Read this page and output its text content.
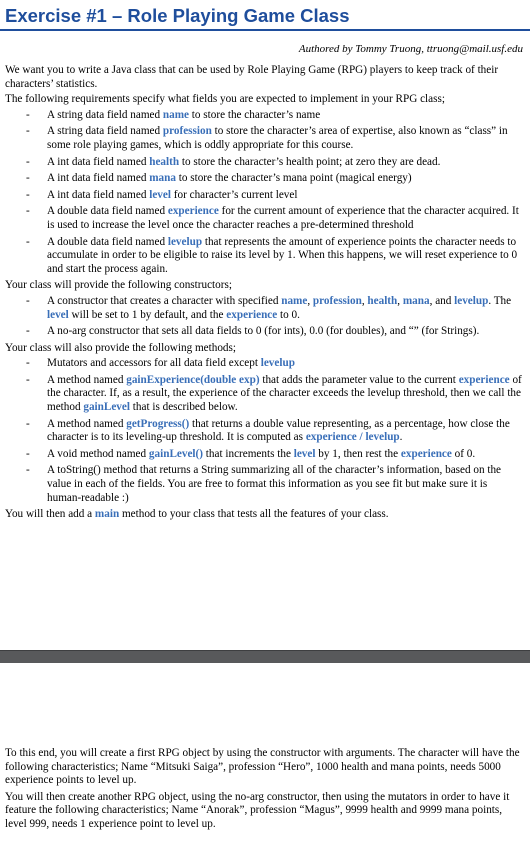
Exercise #1 – Role Playing Game Class
Authored by Tommy Truong, ttruong@mail.usf.edu

We want you to write a Java class that can be used by Role Playing Game (RPG) players to keep track of their characters’ statistics.

The following requirements specify what fields you are expected to implement in your RPG class;

- A string data field named name to store the character’s name
- A string data field named profession to store the character’s area of expertise, also known as “class” in some role playing games, which is oddly appropriate for this course.
- A int data field named health to store the character’s health point; at zero they are dead.
- A int data field named mana to store the character’s mana point (magical energy)
- A int data field named level for character’s current level
- A double data field named experience for the current amount of experience that the character acquired. It is used to increase the level once the character reaches a pre-determined threshold
- A double data field named levelup that represents the amount of experience points the character needs to accumulate in order to be eligible to raise its level by 1. When this happens, we will reset experience to 0 and start the process again.

Your class will provide the following constructors;

- A constructor that creates a character with specified name, profession, health, mana, and levelup. The level will be set to 1 by default, and the experience to 0.
- A no-arg constructor that sets all data fields to 0 (for ints), 0.0 (for doubles), and “” (for Strings).

Your class will also provide the following methods;

- Mutators and accessors for all data field except levelup
- A method named gainExperience(double exp) that adds the parameter value to the current experience of the character. If, as a result, the experience of the character exceeds the levelup threshold, then we call the method gainLevel that is described below.
- A method named getProgress() that returns a double value representing, as a percentage, how close the character is to its leveling-up threshold. It is computed as experience / levelup.
- A void method named gainLevel() that increments the level by 1, then rest the experience of 0.
- A toString() method that returns a String summarizing all of the character’s information, based on the value in each of the fields. You are free to format this information as you see fit but make sure it is human-readable :)

You will then add a main method to your class that tests all the features of your class.

To this end, you will create a first RPG object by using the constructor with arguments. The character will have the following characteristics; Name “Mitsuki Saiga”, profession “Hero”, 1000 health and mana points, needs 5000 experience points to level up.

You will then create another RPG object, using the no-arg constructor, then using the mutators in order to have it feature the following characteristics; Name “Anorak”, profession “Magus”, 9999 health and 9999 mana points, level 999, needs 1 experience point to level up.
